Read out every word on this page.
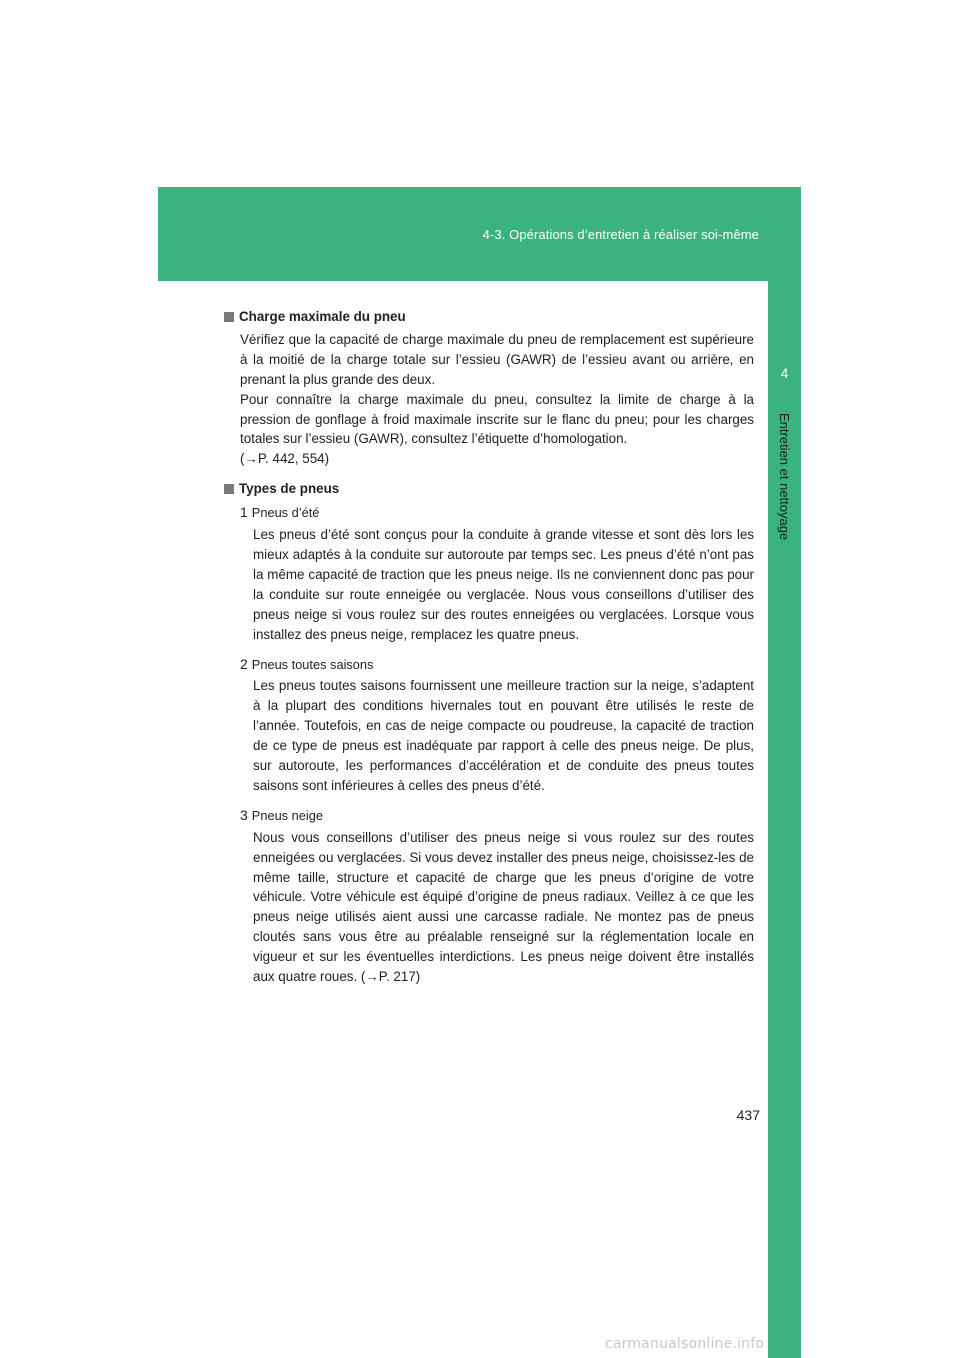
4-3. Opérations d’entretien à réaliser soi-même
4
Entretien et nettoyage
Charge maximale du pneu

Vérifiez que la capacité de charge maximale du pneu de remplacement est supérieure à la moitié de la charge totale sur l’essieu (GAWR) de l’essieu avant ou arrière, en prenant la plus grande des deux.

Pour connaître la charge maximale du pneu, consultez la limite de charge à la pression de gonflage à froid maximale inscrite sur le flanc du pneu; pour les charges totales sur l’essieu (GAWR), consultez l’étiquette d’homologation.

(→P. 442, 554)

Types de pneus
1 Pneus d’été

Les pneus d’été sont conçus pour la conduite à grande vitesse et sont dès lors les mieux adaptés à la conduite sur autoroute par temps sec. Les pneus d’été n’ont pas la même capacité de traction que les pneus neige. Ils ne conviennent donc pas pour la conduite sur route enneigée ou verglacée. Nous vous conseillons d’utiliser des pneus neige si vous roulez sur des routes enneigées ou verglacées. Lorsque vous installez des pneus neige, remplacez les quatre pneus.

2 Pneus toutes saisons

Les pneus toutes saisons fournissent une meilleure traction sur la neige, s’adaptent à la plupart des conditions hivernales tout en pouvant être utilisés le reste de l’année. Toutefois, en cas de neige compacte ou poudreuse, la capacité de traction de ce type de pneus est inadéquate par rapport à celle des pneus neige. De plus, sur autoroute, les performances d’accélération et de conduite des pneus toutes saisons sont inférieures à celles des pneus d’été.

3 Pneus neige

Nous vous conseillons d’utiliser des pneus neige si vous roulez sur des routes enneigées ou verglacées. Si vous devez installer des pneus neige, choisissez-les de même taille, structure et capacité de charge que les pneus d’origine de votre véhicule. Votre véhicule est équipé d’origine de pneus radiaux. Veillez à ce que les pneus neige utilisés aient aussi une carcasse radiale. Ne montez pas de pneus cloutés sans vous être au préalable renseigné sur la réglementation locale en vigueur et sur les éventuelles interdictions. Les pneus neige doivent être installés aux quatre roues. (→P. 217)

437
carmanualsonline.info
